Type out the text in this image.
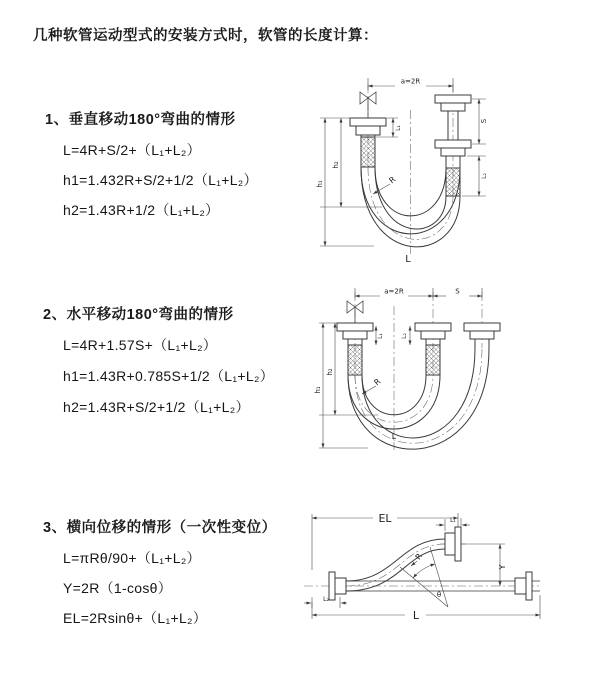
几种软管运动型式的安装方式时，软管的长度计算：
1、垂直移动180°弯曲的情形
L=4R+S/2+（L₁+L₂）
h1=1.432R+S/2+1/2（L₁+L₂）
h2=1.43R+1/2（L₁+L₂）
2、水平移动180°弯曲的情形
L=4R+1.57S+（L₁+L₂）
h1=1.43R+0.785S+1/2（L₁+L₂）
h2=1.43R+S/2+1/2（L₁+L₂）
3、横向位移的情形（一次性变位）
L=πRθ/90+（L₁+L₂）
Y=2R（1-cosθ）
EL=2Rsinθ+（L₁+L₂）
a=2R
h₁
h₂
S
L₂
L₁
R
L
a=2R	S
h₁
h₂
L₁	L₂
R
L
EL	L₁
Y
R
θ
L
L₂
